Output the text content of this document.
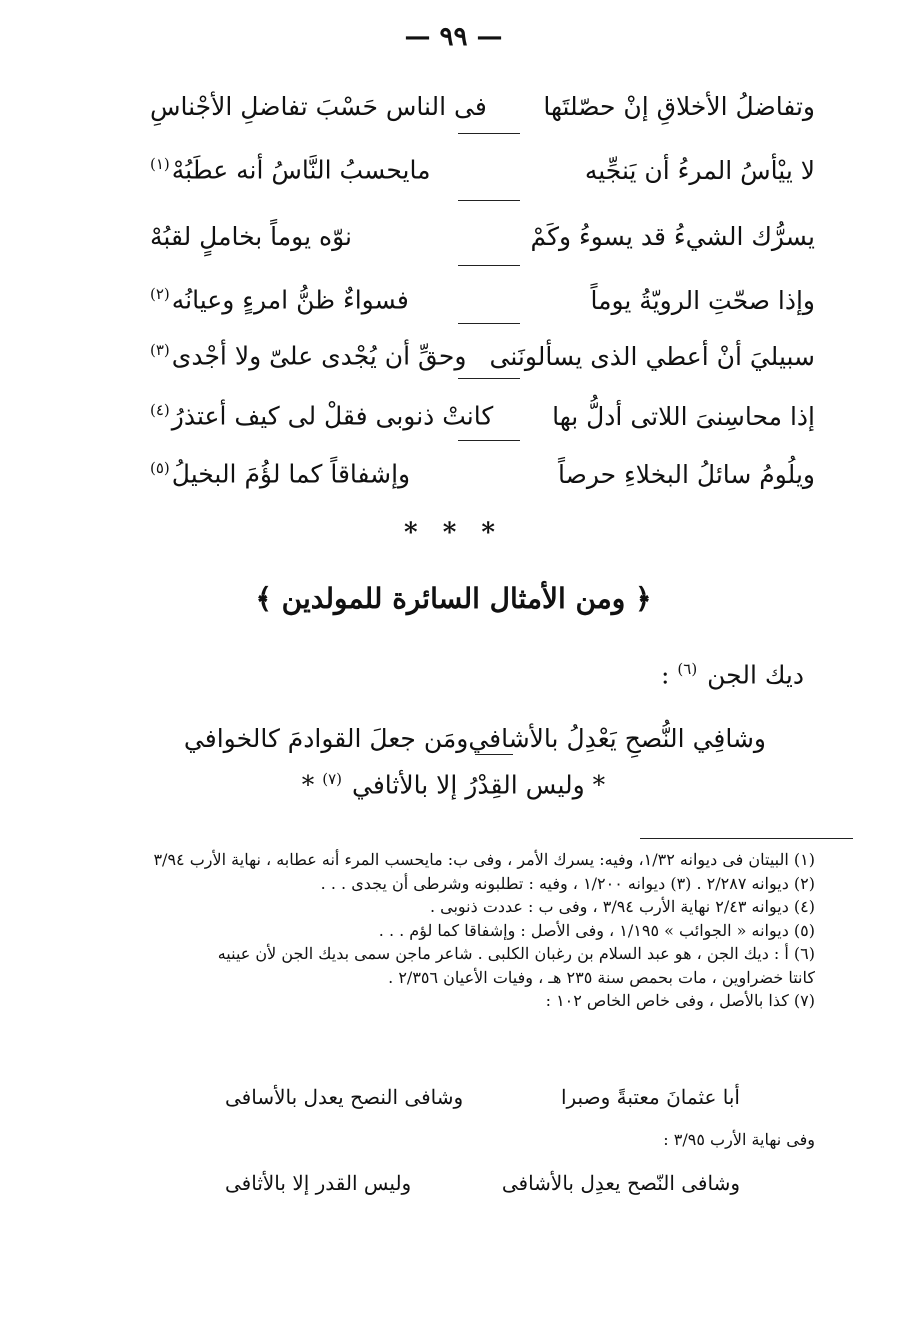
— ٩٩ —
وتفاضلُ الأخلاقِ إنْ حصّلتَها
فى الناس حَسْبَ تفاضلِ الأجْناسِ
لا ييْأسُ المرءُ أن يَنجِّيه
مايحسبُ النَّاسُ أنه عطَبُهْ$^{(١)}$
يسرُّك الشيءُ قد يسوءُ وكَمْ
نوّه يوماً بخاملٍ لقبُهْ
وإذا صحّتِ الرويّةُ يوماً
فسواءٌ ظنُّ امرءٍ وعيانُه$^{(٢)}$
سبيليَ أنْ أعطي الذى يسألونَنى
وحقِّ أن يُجْدى علىّ ولا أجْدى$^{(٣)}$
إذا محاسِنىَ اللاتى أدلُّ بها
كانتْ ذنوبى فقلْ لى كيف أعتذرُ$^{(٤)}$
ويلُومُ سائلُ البخلاءِ حرصاً
وإشفاقاً كما لؤُمَ البخيلُ$^{(٥)}$
* * *
﴿ ومن الأمثال السائرة للمولدين ﴾
ديك الجن $^{(٦)}$ :
وشافِي النُّصحِ يَعْدِلُ بالأشافي
ومَن جعلَ القوادمَ كالخوافي
* وليس القِدْرُ إلا بالأثافي $^{(٧)}$ *
(١) البيتان فى ديوانه ١/٣٢، وفيه: يسرك الأمر ، وفى ب: مايحسب المرء أنه عطابه ، نهاية الأرب ٣/٩٤
(٢) ديوانه ٢/٢٨٧ . (٣) ديوانه ١/٢٠٠ ، وفيه : تطلبونه وشرطى أن يجدى . . .
(٤) ديوانه ٢/٤٣ نهاية الأرب ٣/٩٤ ، وفى ب : عددت ذنوبى .
(٥) ديوانه « الجوائب » ١/١٩٥ ، وفى الأصل : وإشفاقا كما لؤم . . .
(٦) أ : ديك الجن ، هو عبد السلام بن رغبان الكلبى . شاعر ماجن سمى بديك الجن لأن عينيه
كانتا خضراوين ، مات بحمص سنة ٢٣٥ هـ ، وفيات الأعيان ٢/٣٥٦ .
(٧) كذا بالأصل ، وفى خاص الخاص ١٠٢ :
أبا عثمانَ معتبةً وصبرا
وشافى النصح يعدل بالأسافى
وفى نهاية الأرب ٣/٩٥ :
وشافى النّصح يعدِل بالأشافى
وليس القدر إلا بالأثافى
